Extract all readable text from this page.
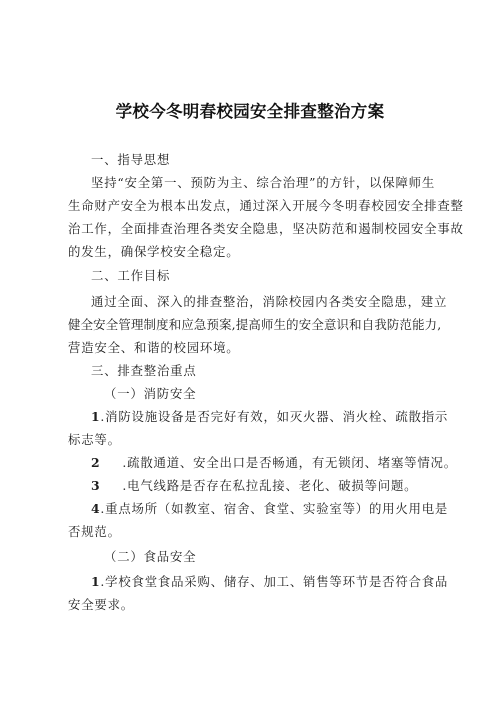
学校今冬明春校园安全排查整治方案
一、指导思想
坚持“安全第一、预防为主、综合治理”的方针，以保障师生
生命财产安全为根本出发点，通过深入开展今冬明春校园安全排查整
治工作，全面排查治理各类安全隐患，坚决防范和遏制校园安全事故
的发生，确保学校安全稳定。
二、工作目标
通过全面、深入的排查整治，消除校园内各类安全隐患，建立
健全安全管理制度和应急预案,提高师生的安全意识和自我防范能力,
营造安全、和谐的校园环境。
三、排查整治重点
（一）消防安全
1.消防设施设备是否完好有效，如灭火器、消火栓、疏散指示
标志等。
2 .疏散通道、安全出口是否畅通，有无锁闭、堵塞等情况。
3 .电气线路是否存在私拉乱接、老化、破损等问题。
4.重点场所（如教室、宿舍、食堂、实验室等）的用火用电是
否规范。
（二）食品安全
1.学校食堂食品采购、储存、加工、销售等环节是否符合食品
安全要求。
